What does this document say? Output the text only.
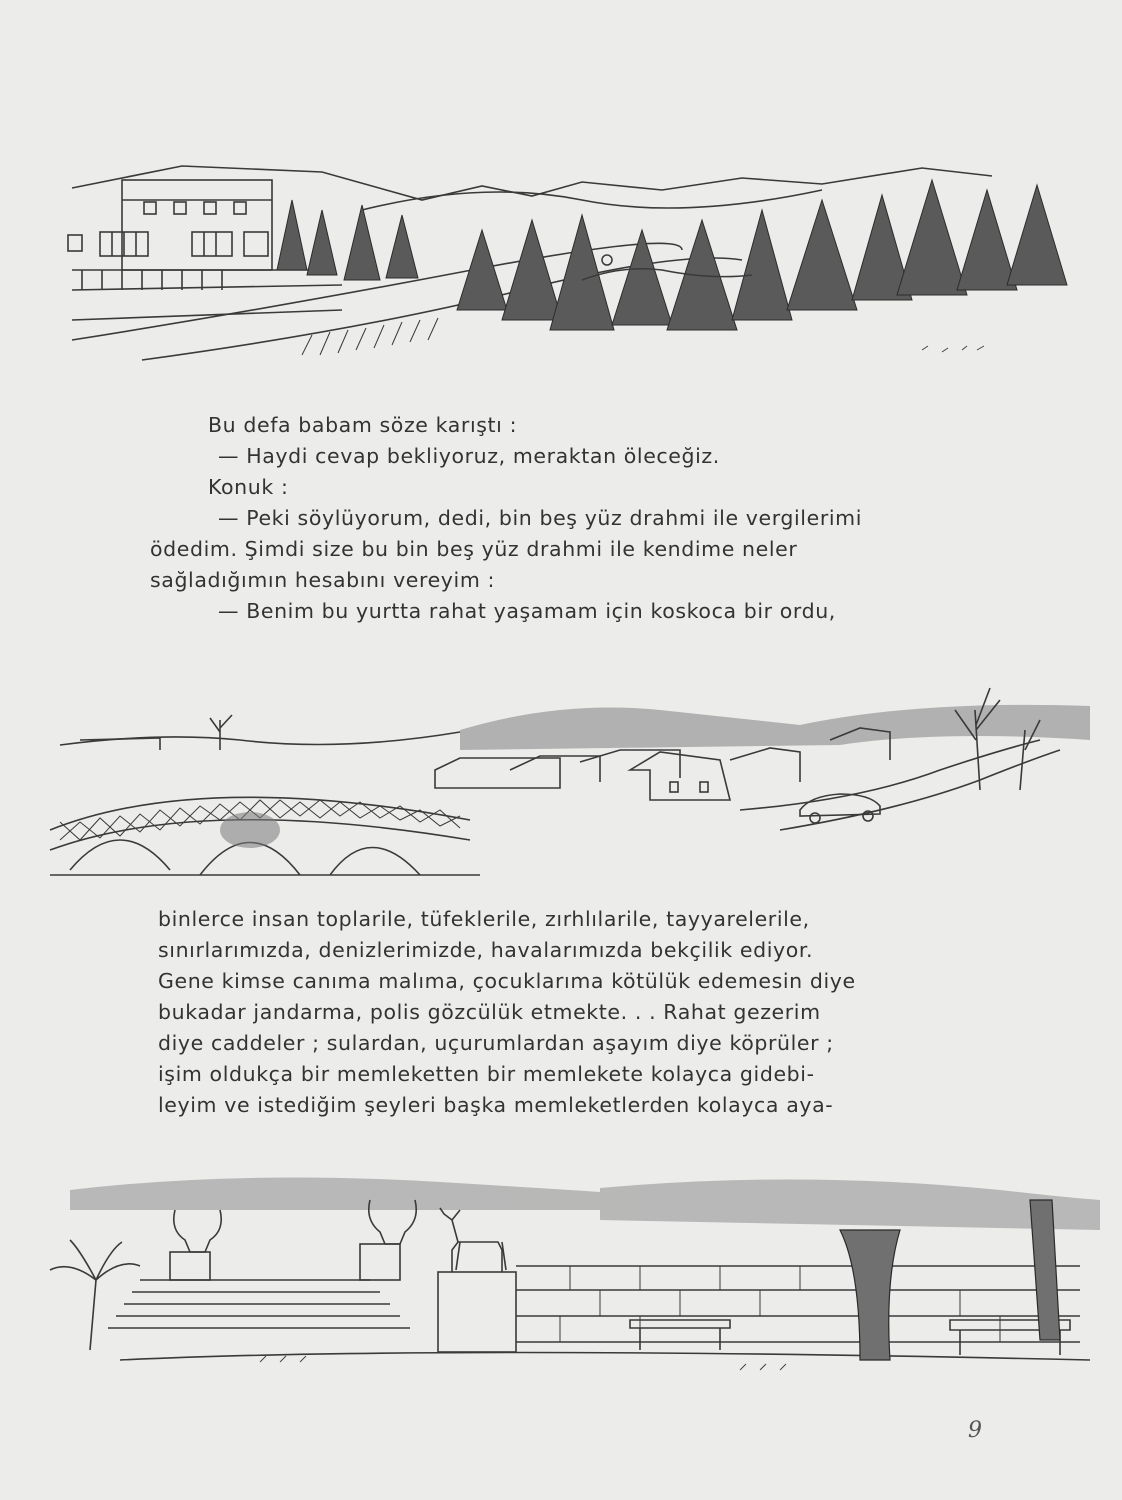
Bu defa babam söze karıştı :
— Haydi cevap bekliyoruz, meraktan öleceğiz.
Konuk :
— Peki söylüyorum, dedi, bin beş yüz drahmi ile vergilerimi
ödedim. Şimdi size bu bin beş yüz drahmi ile kendime neler
sağladığımın hesabını vereyim :
— Benim bu yurtta rahat yaşamam için koskoca bir ordu,
binlerce insan toplarile, tüfeklerile, zırhlılarile, tayyarelerile,
sınırlarımızda, denizlerimizde, havalarımızda bekçilik ediyor.
Gene kimse canıma malıma, çocuklarıma kötülük edemesin diye
bukadar jandarma, polis gözcülük etmekte. . . Rahat gezerim
diye caddeler ; sulardan, uçurumlardan aşayım diye köprüler ;
işim oldukça bir memleketten bir memlekete kolayca gidebi-
leyim ve istediğim şeyleri başka memleketlerden kolayca aya-
9
